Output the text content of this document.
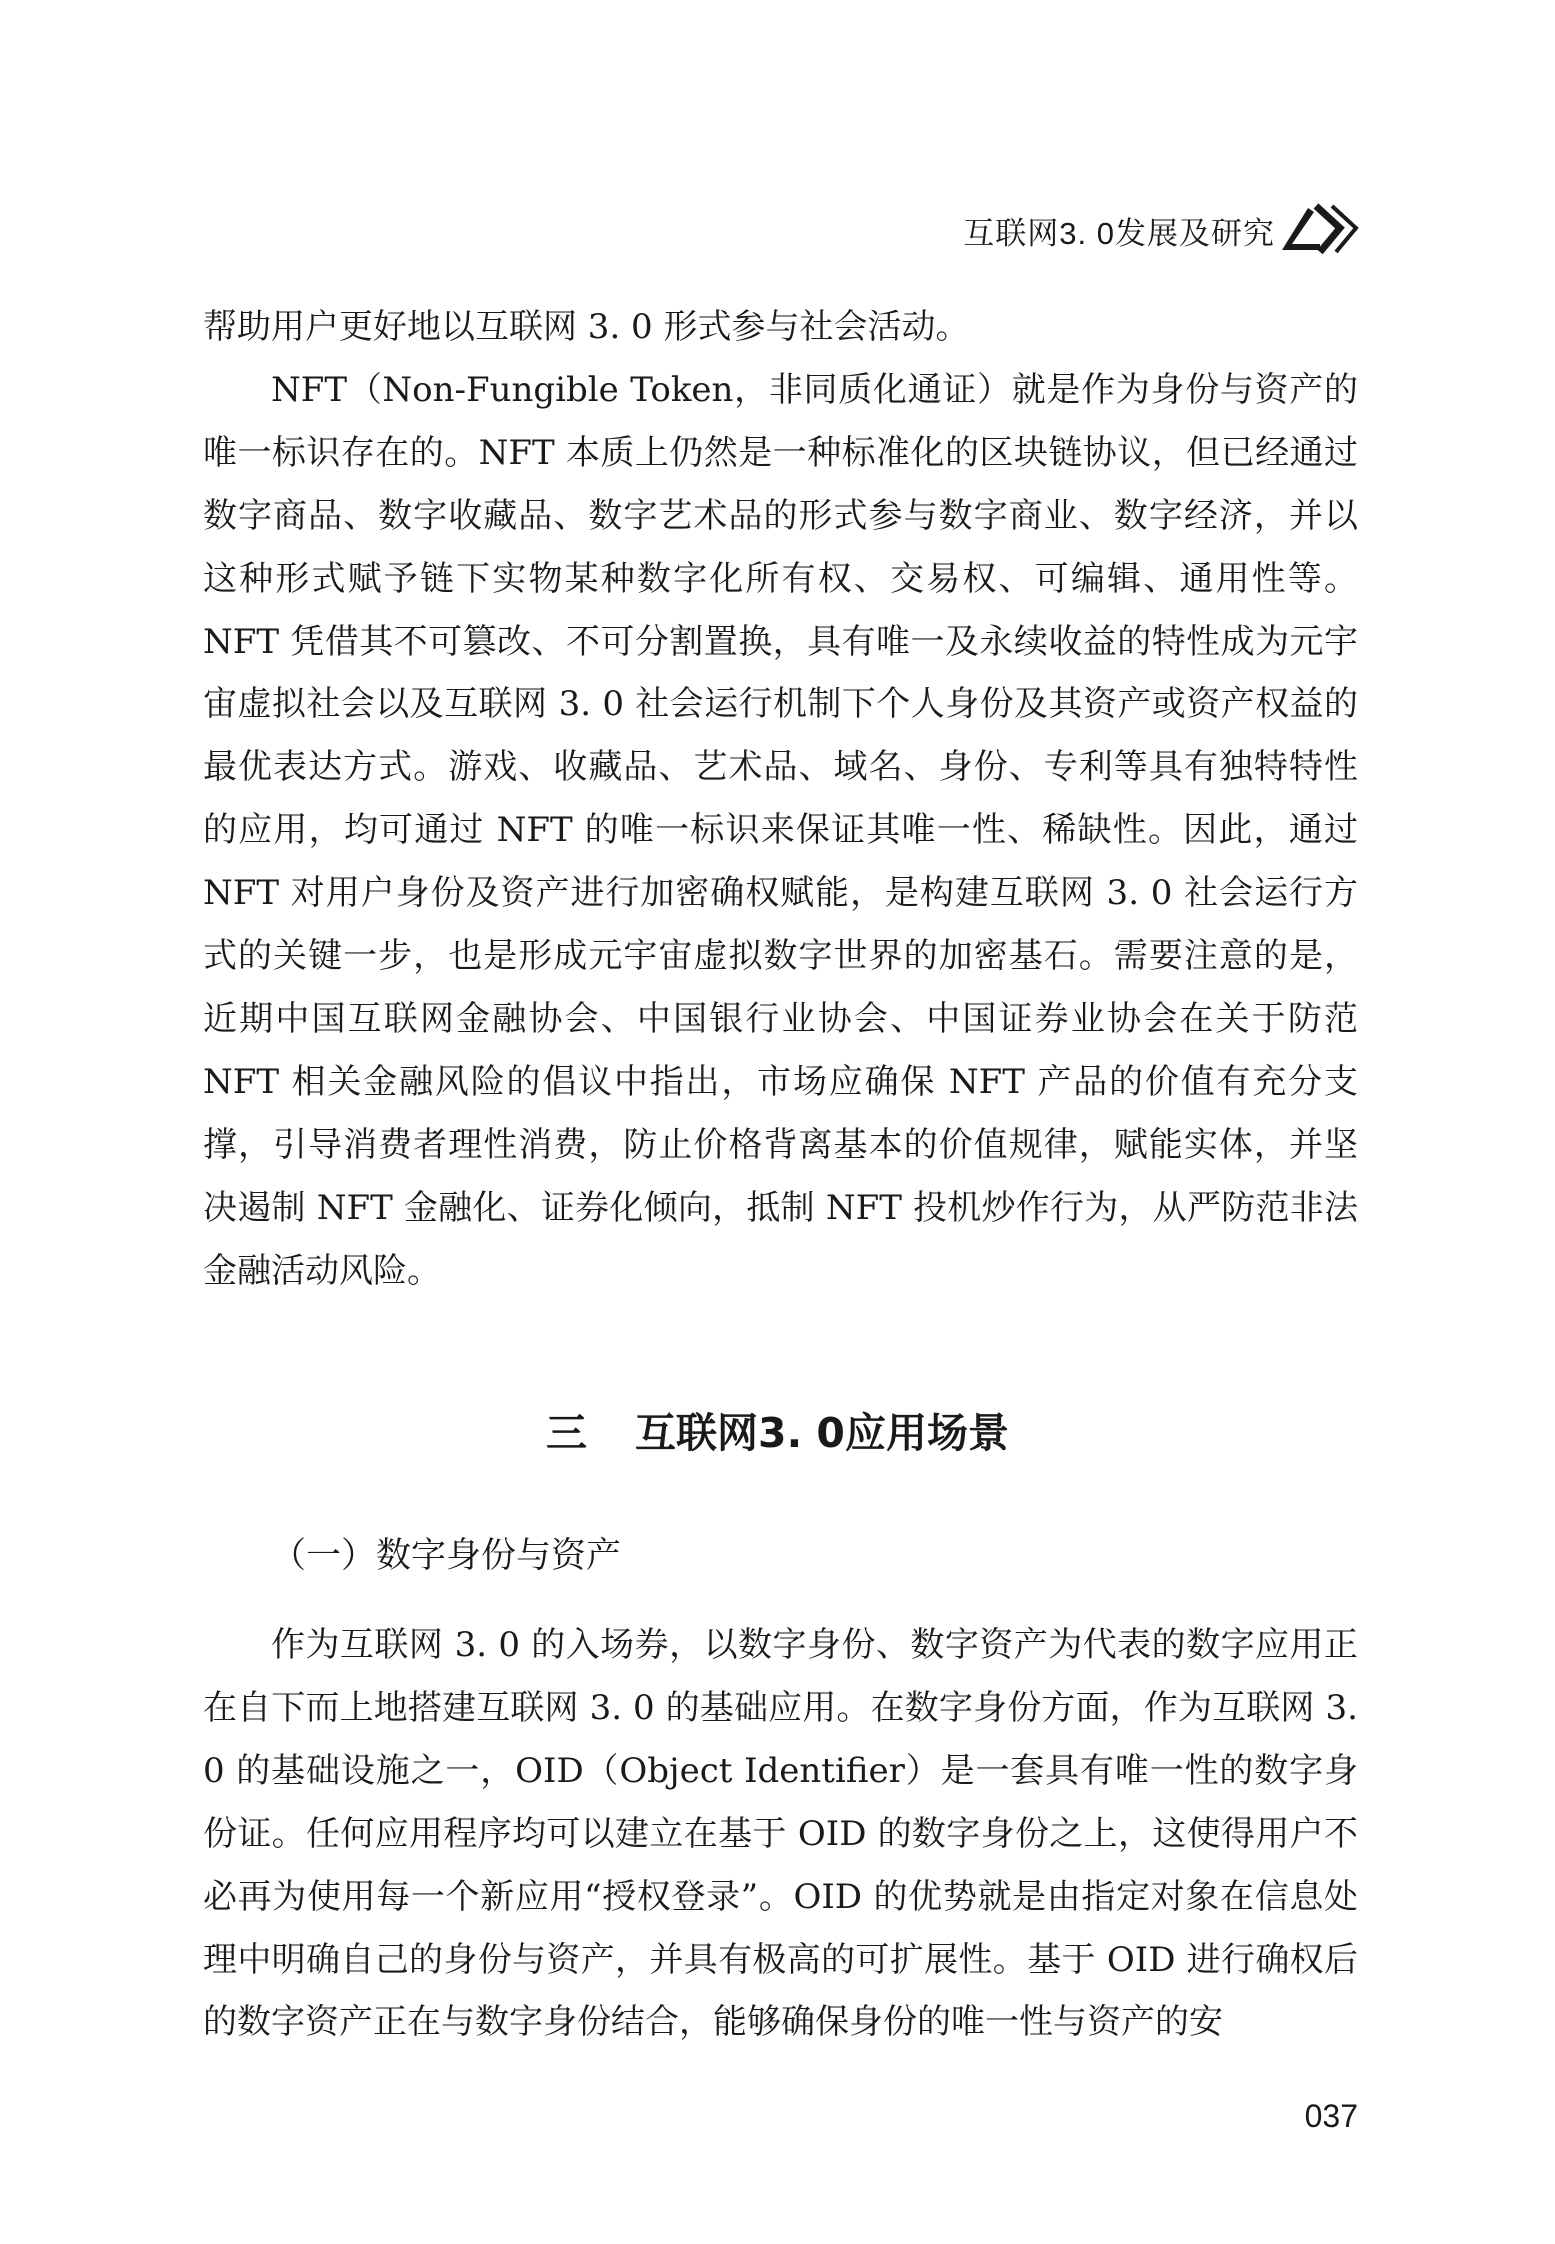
互联网3. 0发展及研究

帮助用户更好地以互联网 3. 0 形式参与社会活动。

NFT（Non-Fungible Token，非同质化通证）就是作为身份与资产的唯一标识存在的。NFT 本质上仍然是一种标准化的区块链协议，但已经通过数字商品、数字收藏品、数字艺术品的形式参与数字商业、数字经济，并以这种形式赋予链下实物某种数字化所有权、交易权、可编辑、通用性等。NFT 凭借其不可篡改、不可分割置换，具有唯一及永续收益的特性成为元宇宙虚拟社会以及互联网 3. 0 社会运行机制下个人身份及其资产或资产权益的最优表达方式。游戏、收藏品、艺术品、域名、身份、专利等具有独特特性的应用，均可通过 NFT 的唯一标识来保证其唯一性、稀缺性。因此，通过 NFT 对用户身份及资产进行加密确权赋能，是构建互联网 3. 0 社会运行方式的关键一步，也是形成元宇宙虚拟数字世界的加密基石。需要注意的是，近期中国互联网金融协会、中国银行业协会、中国证券业协会在关于防范 NFT 相关金融风险的倡议中指出，市场应确保 NFT 产品的价值有充分支撑，引导消费者理性消费，防止价格背离基本的价值规律，赋能实体，并坚决遏制 NFT 金融化、证券化倾向，抵制 NFT 投机炒作行为，从严防范非法金融活动风险。

三 互联网3. 0应用场景
（一）数字身份与资产

作为互联网 3. 0 的入场券，以数字身份、数字资产为代表的数字应用正在自下而上地搭建互联网 3. 0 的基础应用。在数字身份方面，作为互联网 3. 0 的基础设施之一，OID（Object Identifier）是一套具有唯一性的数字身份证。任何应用程序均可以建立在基于 OID 的数字身份之上，这使得用户不必再为使用每一个新应用“授权登录”。OID 的优势就是由指定对象在信息处理中明确自己的身份与资产，并具有极高的可扩展性。基于 OID 进行确权后的数字资产正在与数字身份结合，能够确保身份的唯一性与资产的安

037
